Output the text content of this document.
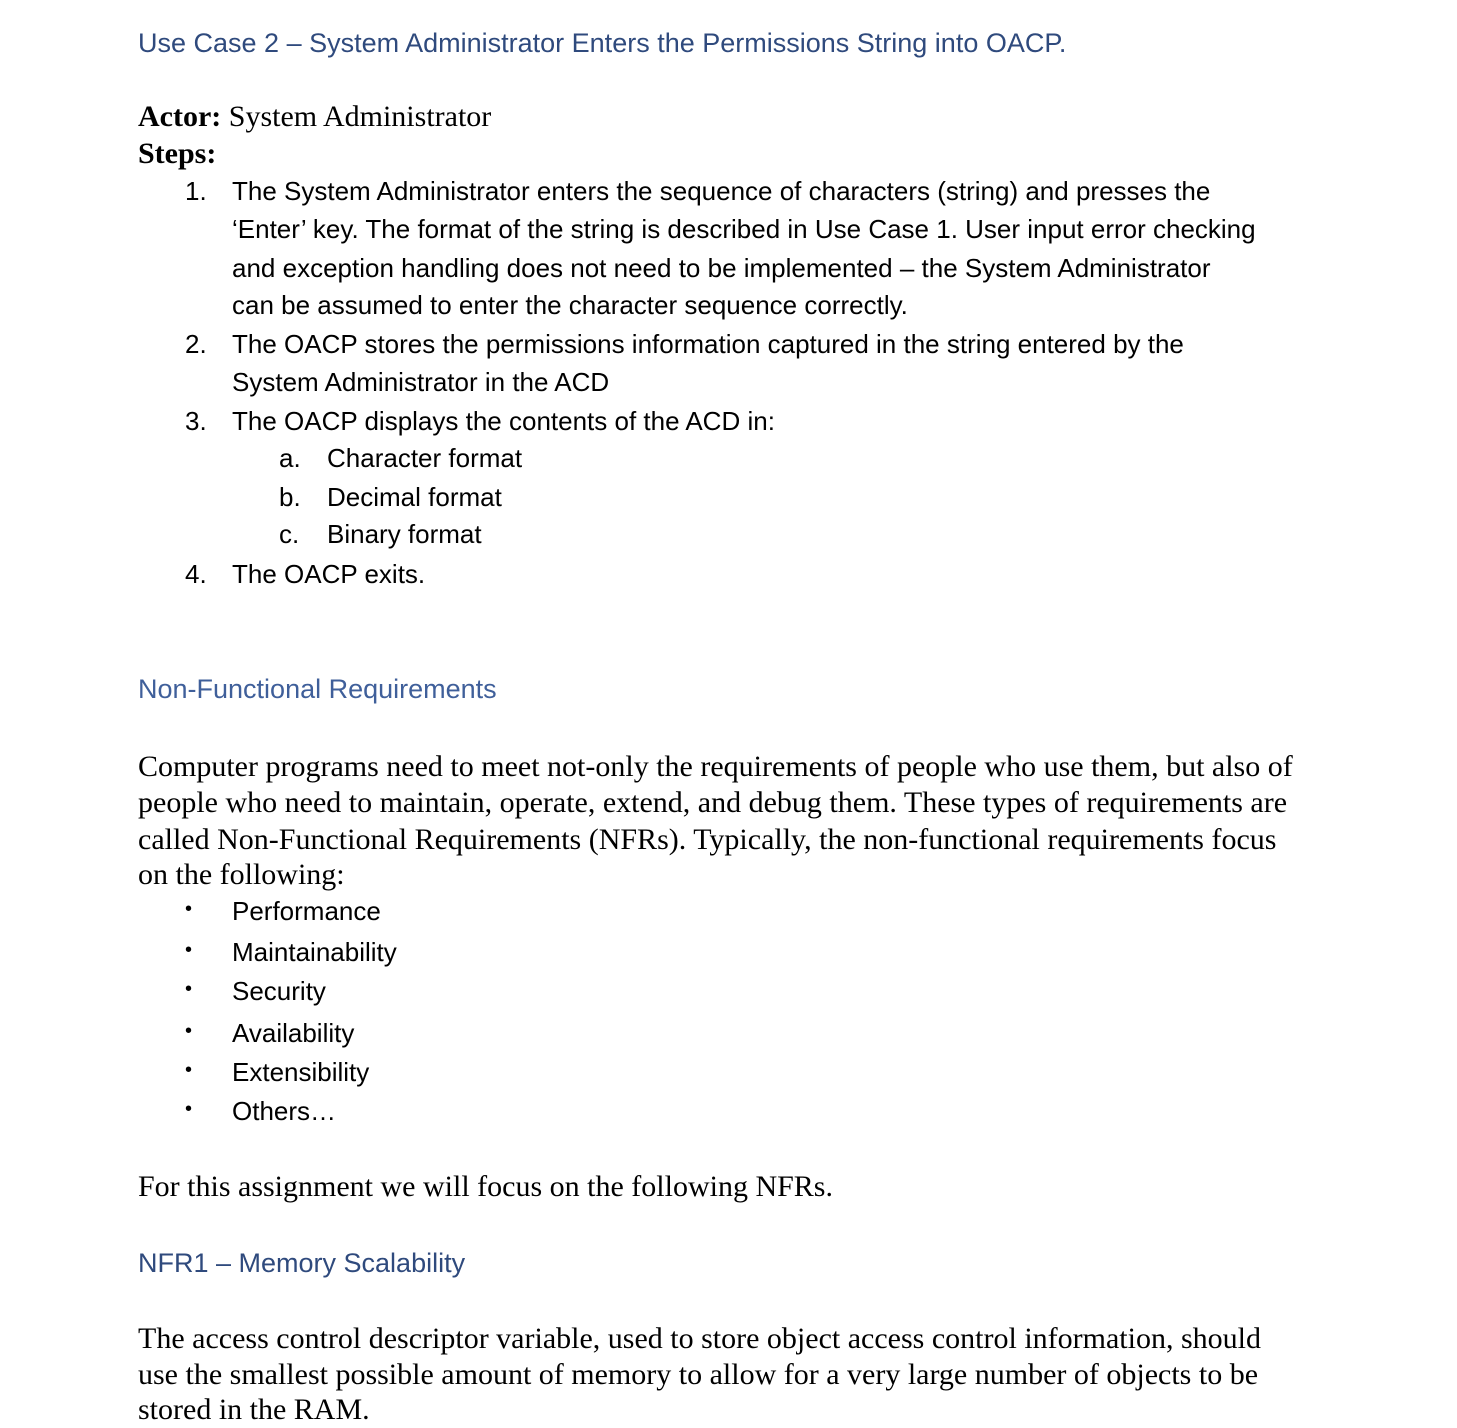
Use Case 2 – System Administrator Enters the Permissions String into OACP.
Actor: System Administrator
Steps:
1. The System Administrator enters the sequence of characters (string) and presses the
‘Enter’ key. The format of the string is described in Use Case 1. User input error checking
and exception handling does not need to be implemented – the System Administrator
can be assumed to enter the character sequence correctly.
2. The OACP stores the permissions information captured in the string entered by the
System Administrator in the ACD
3. The OACP displays the contents of the ACD in:
a. Character format
b. Decimal format
c. Binary format
4. The OACP exits.
Non-Functional Requirements
Computer programs need to meet not-only the requirements of people who use them, but also of
people who need to maintain, operate, extend, and debug them. These types of requirements are
called Non-Functional Requirements (NFRs). Typically, the non-functional requirements focus
on the following:
• Performance
• Maintainability
• Security
• Availability
• Extensibility
• Others…
For this assignment we will focus on the following NFRs.
NFR1 – Memory Scalability
The access control descriptor variable, used to store object access control information, should
use the smallest possible amount of memory to allow for a very large number of objects to be
stored in the RAM.
